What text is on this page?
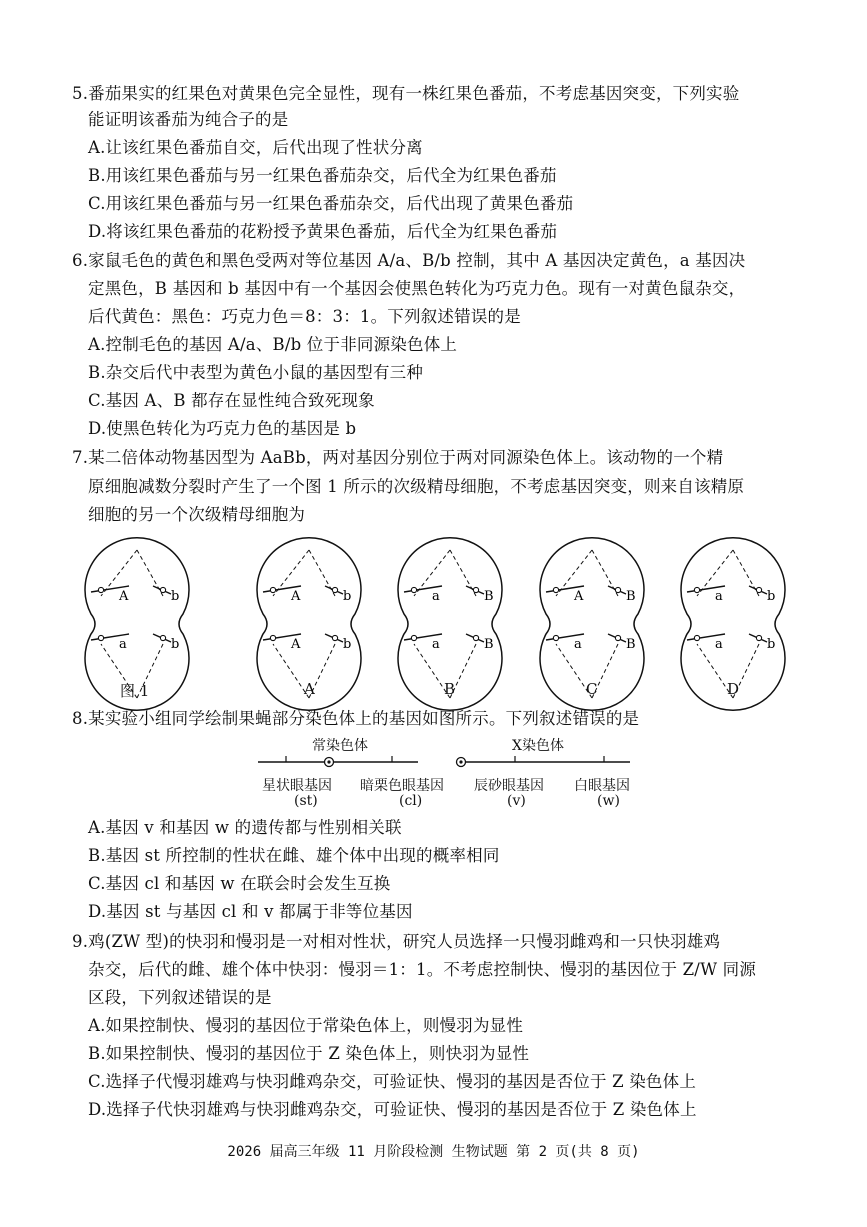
5.番茄果实的红果色对黄果色完全显性，现有一株红果色番茄，不考虑基因突变，下列实验
能证明该番茄为纯合子的是
A.让该红果色番茄自交，后代出现了性状分离
B.用该红果色番茄与另一红果色番茄杂交，后代全为红果色番茄
C.用该红果色番茄与另一红果色番茄杂交，后代出现了黄果色番茄
D.将该红果色番茄的花粉授予黄果色番茄，后代全为红果色番茄
6.家鼠毛色的黄色和黑色受两对等位基因 A/a、B/b 控制，其中 A 基因决定黄色，a 基因决
定黑色，B 基因和 b 基因中有一个基因会使黑色转化为巧克力色。现有一对黄色鼠杂交，
后代黄色：黑色：巧克力色＝8：3：1。下列叙述错误的是
A.控制毛色的基因 A/a、B/b 位于非同源染色体上
B.杂交后代中表型为黄色小鼠的基因型有三种
C.基因 A、B 都存在显性纯合致死现象
D.使黑色转化为巧克力色的基因是 b
7.某二倍体动物基因型为 AaBb，两对基因分别位于两对同源染色体上。该动物的一个精
原细胞减数分裂时产生了一个图 1 所示的次级精母细胞，不考虑基因突变，则来自该精原
细胞的另一个次级精母细胞为
A	b
a	b
A	b
A	b
a	B
a	B
A	B
a	B
a	b
a	b
图 1	A	B	C	D
8.某实验小组同学绘制果蝇部分染色体上的基因如图所示。下列叙述错误的是
常染色体	X染色体
星状眼基因
(st)
暗栗色眼基因
(cl)
辰砂眼基因
(v)
白眼基因
(w)
A.基因 v 和基因 w 的遗传都与性别相关联
B.基因 st 所控制的性状在雌、雄个体中出现的概率相同
C.基因 cl 和基因 w 在联会时会发生互换
D.基因 st 与基因 cl 和 v 都属于非等位基因
9.鸡(ZW 型)的快羽和慢羽是一对相对性状，研究人员选择一只慢羽雌鸡和一只快羽雄鸡
杂交，后代的雌、雄个体中快羽：慢羽＝1：1。不考虑控制快、慢羽的基因位于 Z/W 同源
区段，下列叙述错误的是
A.如果控制快、慢羽的基因位于常染色体上，则慢羽为显性
B.如果控制快、慢羽的基因位于 Z 染色体上，则快羽为显性
C.选择子代慢羽雄鸡与快羽雌鸡杂交，可验证快、慢羽的基因是否位于 Z 染色体上
D.选择子代快羽雄鸡与快羽雌鸡杂交，可验证快、慢羽的基因是否位于 Z 染色体上
2026 届高三年级 11 月阶段检测 生物试题 第 2 页(共 8 页)
